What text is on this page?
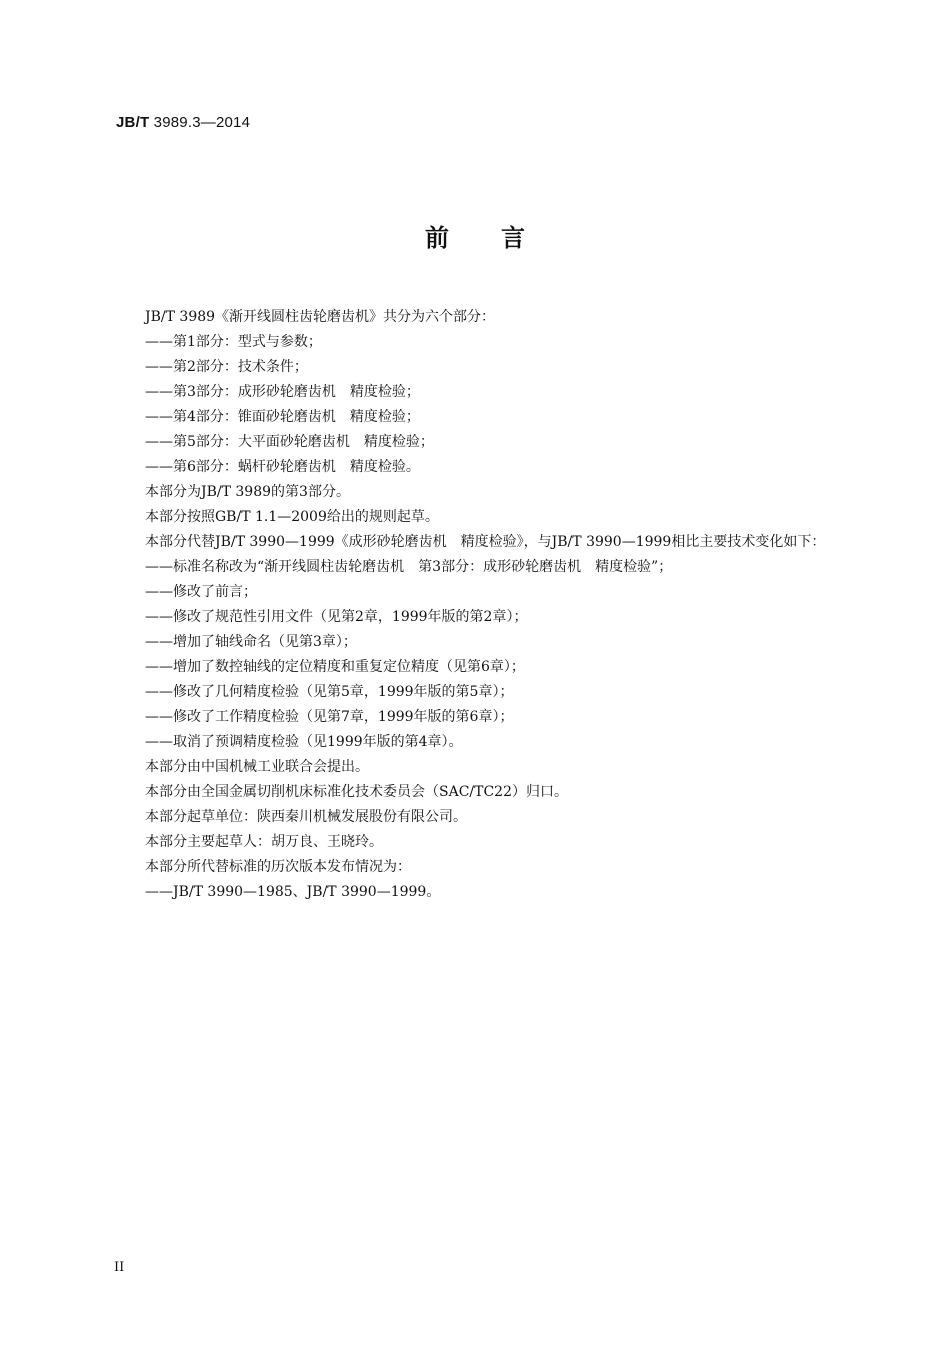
JB/T 3989.3—2014
前言

JB/T 3989《渐开线圆柱齿轮磨齿机》共分为六个部分：

——第1部分：型式与参数；

——第2部分：技术条件；

——第3部分：成形砂轮磨齿机　精度检验；

——第4部分：锥面砂轮磨齿机　精度检验；

——第5部分：大平面砂轮磨齿机　精度检验；

——第6部分：蜗杆砂轮磨齿机　精度检验。

本部分为JB/T 3989的第3部分。

本部分按照GB/T 1.1—2009给出的规则起草。

本部分代替JB/T 3990—1999《成形砂轮磨齿机　精度检验》，与JB/T 3990—1999相比主要技术变化如下：

——标准名称改为“渐开线圆柱齿轮磨齿机　第3部分：成形砂轮磨齿机　精度检验”；

——修改了前言；

——修改了规范性引用文件（见第2章，1999年版的第2章）；

——增加了轴线命名（见第3章）；

——增加了数控轴线的定位精度和重复定位精度（见第6章）；

——修改了几何精度检验（见第5章，1999年版的第5章）；

——修改了工作精度检验（见第7章，1999年版的第6章）；

——取消了预调精度检验（见1999年版的第4章）。

本部分由中国机械工业联合会提出。

本部分由全国金属切削机床标准化技术委员会（SAC/TC22）归口。

本部分起草单位：陕西秦川机械发展股份有限公司。

本部分主要起草人：胡万良、王晓玲。

本部分所代替标准的历次版本发布情况为：

——JB/T 3990—1985、JB/T 3990—1999。

II
